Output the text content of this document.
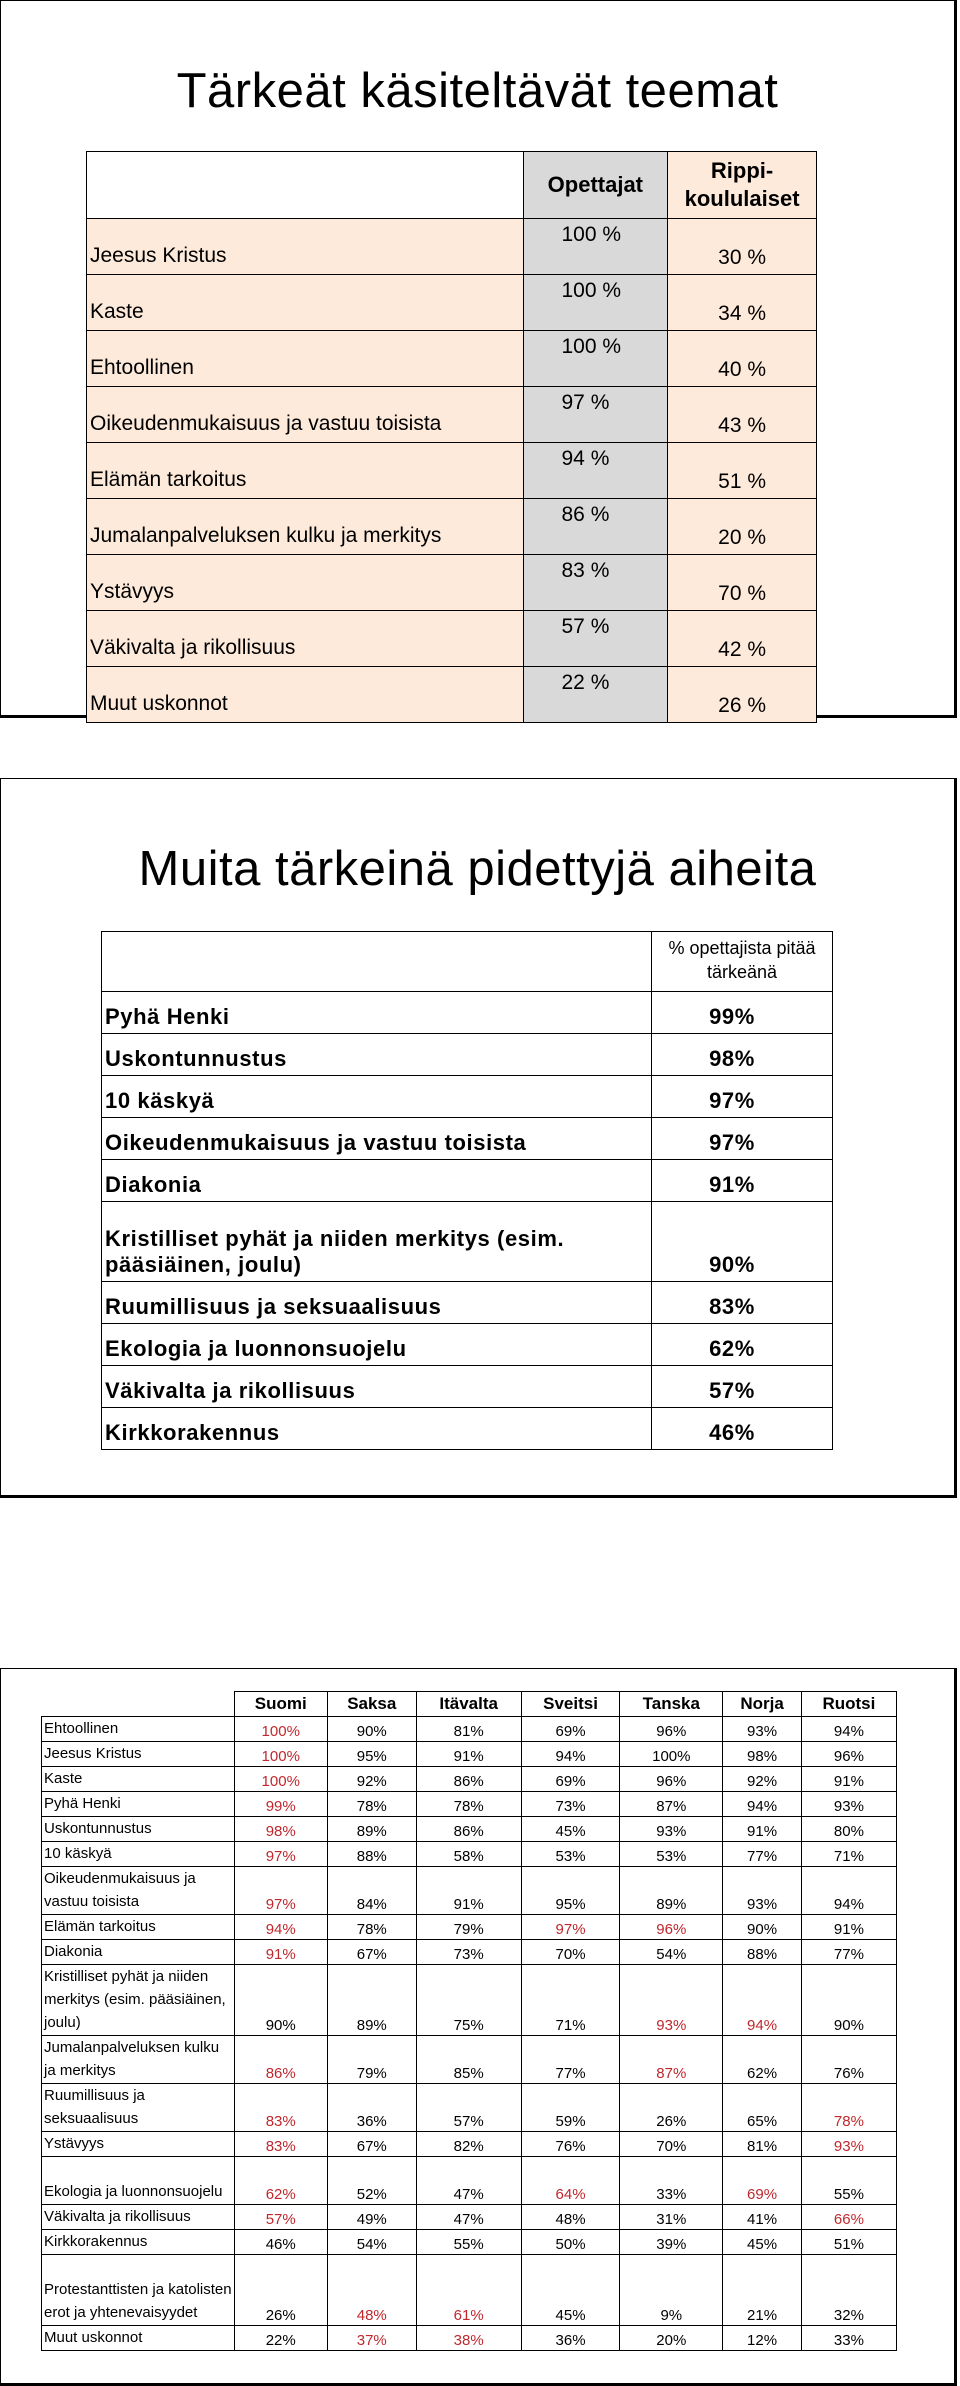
Tärkeät käsiteltävät teemat
	Opettajat	Rippi-
koululaiset
Jeesus Kristus	100 %	30 %
Kaste	100 %	34 %
Ehtoollinen	100 %	40 %
Oikeudenmukaisuus ja vastuu toisista	97 %	43 %
Elämän tarkoitus	94 %	51 %
Jumalanpalveluksen kulku ja merkitys	86 %	20 %
Ystävyys	83 %	70 %
Väkivalta ja rikollisuus	57 %	42 %
Muut uskonnot	22 %	26 %
Muita tärkeinä pidettyjä aiheita
	% opettajista pitää tärkeänä
Pyhä Henki	99%
Uskontunnustus	98%
10 käskyä	97%
Oikeudenmukaisuus ja vastuu toisista	97%
Diakonia	91%
Kristilliset pyhät ja niiden merkitys (esim. pääsiäinen, joulu)	90%
Ruumillisuus ja seksuaalisuus	83%
Ekologia ja luonnonsuojelu	62%
Väkivalta ja rikollisuus	57%
Kirkkorakennus	46%
	Suomi	Saksa	Itävalta	Sveitsi	Tanska	Norja	Ruotsi
Ehtoollinen	100%	90%	81%	69%	96%	93%	94%
Jeesus Kristus	100%	95%	91%	94%	100%	98%	96%
Kaste	100%	92%	86%	69%	96%	92%	91%
Pyhä Henki	99%	78%	78%	73%	87%	94%	93%
Uskontunnustus	98%	89%	86%	45%	93%	91%	80%
10 käskyä	97%	88%	58%	53%	53%	77%	71%
Oikeudenmukaisuus ja vastuu toisista	97%	84%	91%	95%	89%	93%	94%
Elämän tarkoitus	94%	78%	79%	97%	96%	90%	91%
Diakonia	91%	67%	73%	70%	54%	88%	77%
Kristilliset pyhät ja niiden merkitys (esim. pääsiäinen, joulu)	90%	89%	75%	71%	93%	94%	90%
Jumalanpalveluksen kulku ja merkitys	86%	79%	85%	77%	87%	62%	76%
Ruumillisuus ja seksuaalisuus	83%	36%	57%	59%	26%	65%	78%
Ystävyys	83%	67%	82%	76%	70%	81%	93%
Ekologia ja luonnonsuojelu	62%	52%	47%	64%	33%	69%	55%
Väkivalta ja rikollisuus	57%	49%	47%	48%	31%	41%	66%
Kirkkorakennus	46%	54%	55%	50%	39%	45%	51%
Protestanttisten ja katolisten erot ja yhtenevaisyydet	26%	48%	61%	45%	9%	21%	32%
Muut uskonnot	22%	37%	38%	36%	20%	12%	33%
